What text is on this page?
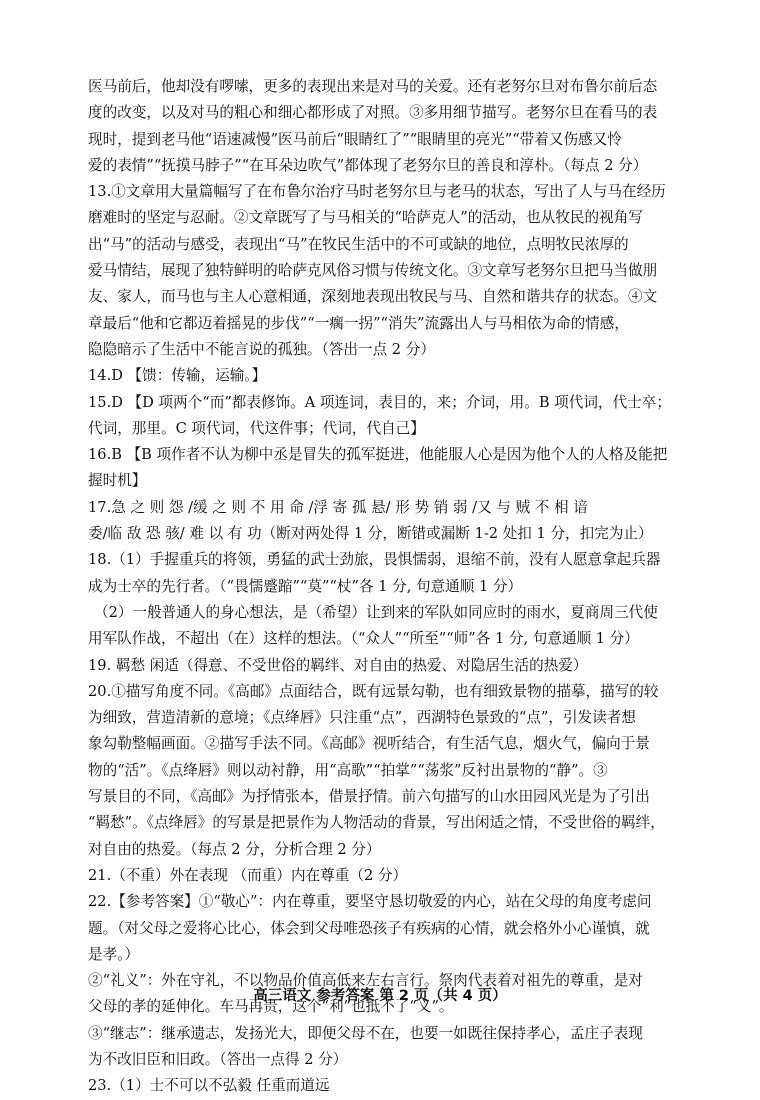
医马前后，他却没有啰嗦，更多的表现出来是对马的关爱。还有老努尔旦对布鲁尔前后态
度的改变，以及对马的粗心和细心都形成了对照。③多用细节描写。老努尔旦在看马的表
现时，提到老马他“语速减慢”医马前后“眼睛红了”“眼睛里的亮光”“带着又伤感又怜
爱的表情”“抚摸马脖子”“在耳朵边吹气”都体现了老努尔旦的善良和淳朴。（每点 2 分）
13.①文章用大量篇幅写了在布鲁尔治疗马时老努尔旦与老马的状态，写出了人与马在经历
磨难时的坚定与忍耐。②文章既写了与马相关的“哈萨克人”的活动，也从牧民的视角写
出“马”的活动与感受，表现出“马”在牧民生活中的不可或缺的地位，点明牧民浓厚的
爱马情结，展现了独特鲜明的哈萨克风俗习惯与传统文化。③文章写老努尔旦把马当做朋
友、家人，而马也与主人心意相通，深刻地表现出牧民与马、自然和谐共存的状态。④文
章最后“他和它都迈着摇晃的步伐”“一瘸一拐”“消失”流露出人与马相依为命的情感，
隐隐暗示了生活中不能言说的孤独。（答出一点 2 分）
14.D 【馈：传输，运输。】
15.D 【D 项两个“而”都表修饰。A 项连词，表目的，来；介词，用。B 项代词，代士卒；
代词，那里。C 项代词，代这件事；代词，代自己】
16.B 【B 项作者不认为柳中丞是冒失的孤军挺进，他能服人心是因为他个人的人格及能把
握时机】
17.急 之 则 怨 /缓 之 则 不 用 命 /浮 寄 孤 悬/ 形 势 销 弱 /又 与 贼 不 相 谙
委/临 敌 恐 骇/ 难 以 有 功（断对两处得 1 分，断错或漏断 1-2 处扣 1 分，扣完为止）
18.（1）手握重兵的将领，勇猛的武士劲旅，畏惧懦弱，退缩不前，没有人愿意拿起兵器
成为士卒的先行者。（“畏懦蹙蹜”“莫”“杖”各 1 分, 句意通顺 1 分）
（2）一般普通人的身心想法，是（希望）让到来的军队如同应时的雨水，夏商周三代使
用军队作战，不超出（在）这样的想法。（“众人”“所至”“师”各 1 分, 句意通顺 1 分）
19. 羁愁 闲适（得意、不受世俗的羁绊、对自由的热爱、对隐居生活的热爱）
20.①描写角度不同。《高邮》点面结合，既有远景勾勒，也有细致景物的描摹，描写的较
为细致，营造清新的意境；《点绛唇》只注重“点”，西湖特色景致的“点”，引发读者想
象勾勒整幅画面。②描写手法不同。《高邮》视听结合，有生活气息，烟火气，偏向于景
物的“活”。《点绛唇》则以动衬静，用“高歌”“拍掌”“荡浆”反衬出景物的“静”。③
写景目的不同，《高邮》为抒情张本，借景抒情。前六句描写的山水田园风光是为了引出
“羁愁”。《点绛唇》的写景是把景作为人物活动的背景，写出闲适之情，不受世俗的羁绊，
对自由的热爱。（每点 2 分，分析合理 2 分）
21.（不重）外在表现 （而重）内在尊重（2 分）
22.【参考答案】①“敬心”：内在尊重，要坚守恳切敬爱的内心，站在父母的角度考虑问
题。（对父母之爱将心比心，体会到父母唯恐孩子有疾病的心情，就会格外小心谨慎，就
是孝。）
②“礼义”：外在守礼，不以物品价值高低来左右言行。祭肉代表着对祖先的尊重，是对
父母的孝的延伸化。车马再贵，这个“利”也抵不了“义”。
③“继志”：继承遗志，发扬光大，即便父母不在，也要一如既往保持孝心，孟庄子表现
为不改旧臣和旧政。（答出一点得 2 分）
23.（1）士不可以不弘毅 任重而道远
高三语文 参考答案 第 2 页（共 4 页）
